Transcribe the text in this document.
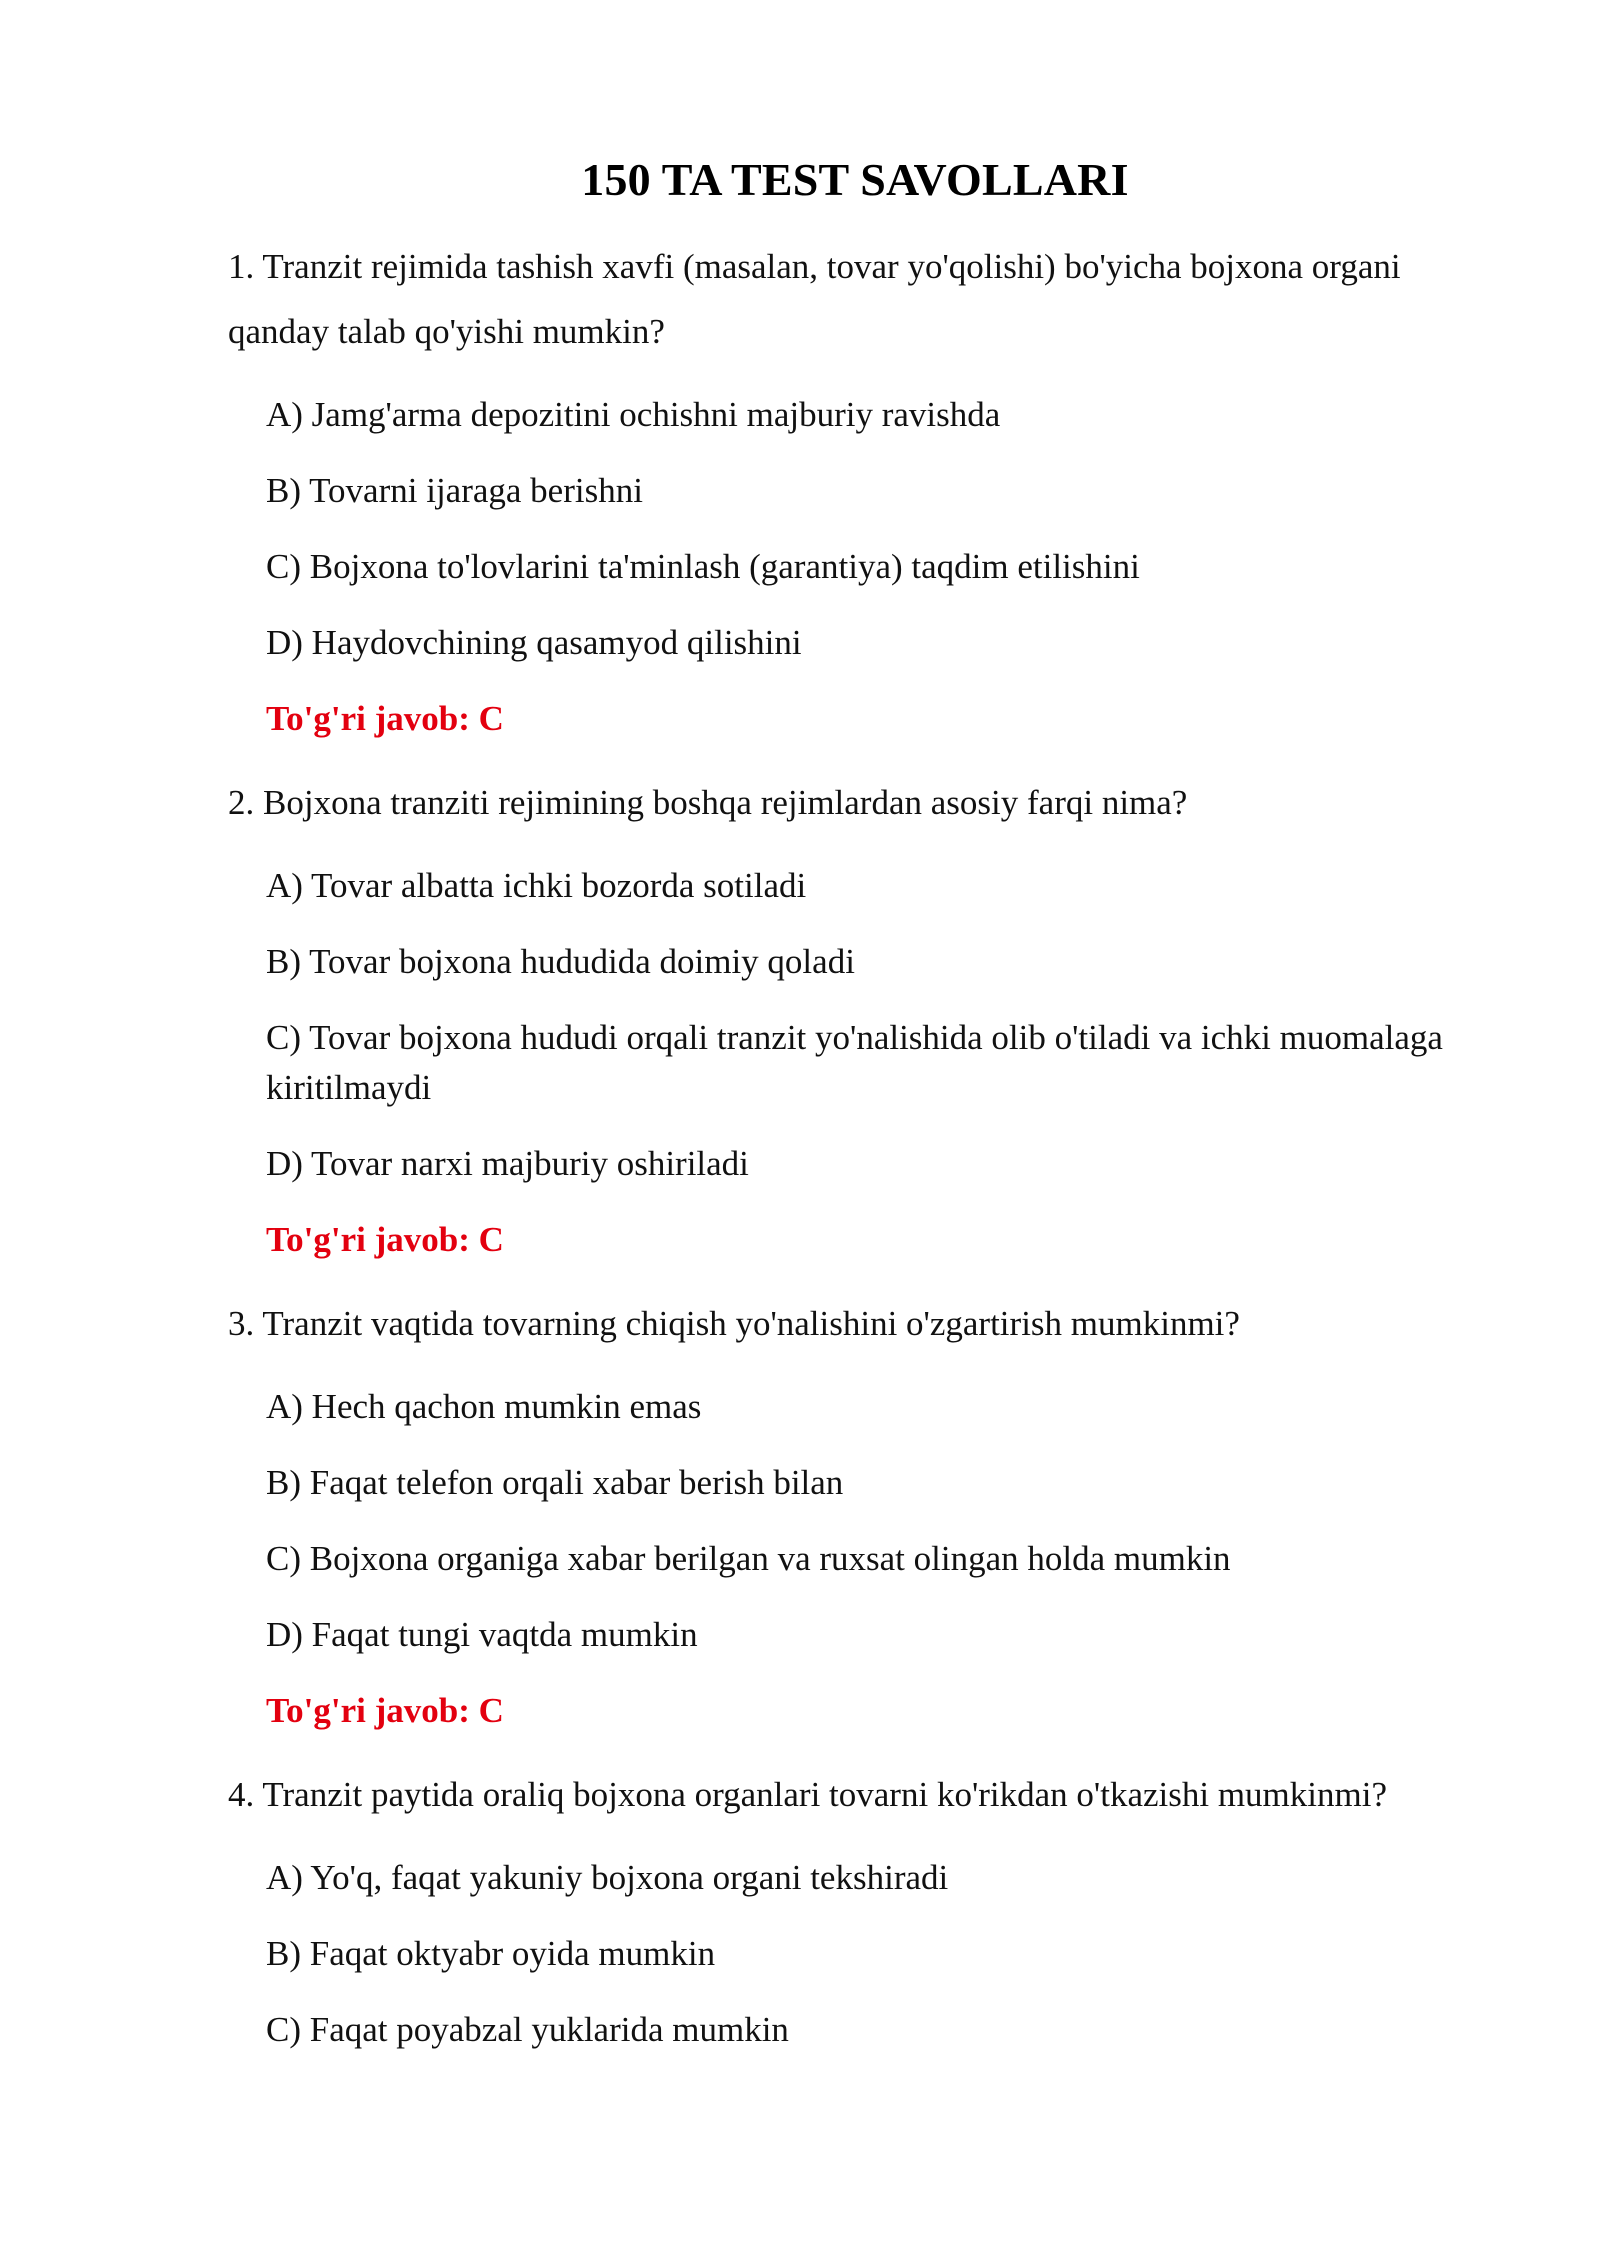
150 TA TEST SAVOLLARI

1. Tranzit rejimida tashish xavfi (masalan, tovar yo'qolishi) bo'yicha bojxona organi qanday talab qo'yishi mumkin?

A) Jamg'arma depozitini ochishni majburiy ravishda
B) Tovarni ijaraga berishni
C) Bojxona to'lovlarini ta'minlash (garantiya) taqdim etilishini
D) Haydovchining qasamyod qilishini

To'g'ri javob: C

2. Bojxona tranziti rejimining boshqa rejimlardan asosiy farqi nima?

A) Tovar albatta ichki bozorda sotiladi
B) Tovar bojxona hududida doimiy qoladi
C) Tovar bojxona hududi orqali tranzit yo'nalishida olib o'tiladi va ichki muomalaga kiritilmaydi
D) Tovar narxi majburiy oshiriladi

To'g'ri javob: C

3. Tranzit vaqtida tovarning chiqish yo'nalishini o'zgartirish mumkinmi?

A) Hech qachon mumkin emas
B) Faqat telefon orqali xabar berish bilan
C) Bojxona organiga xabar berilgan va ruxsat olingan holda mumkin
D) Faqat tungi vaqtda mumkin

To'g'ri javob: C

4. Tranzit paytida oraliq bojxona organlari tovarni ko'rikdan o'tkazishi mumkinmi?

A) Yo'q, faqat yakuniy bojxona organi tekshiradi
B) Faqat oktyabr oyida mumkin
C) Faqat poyabzal yuklarida mumkin
